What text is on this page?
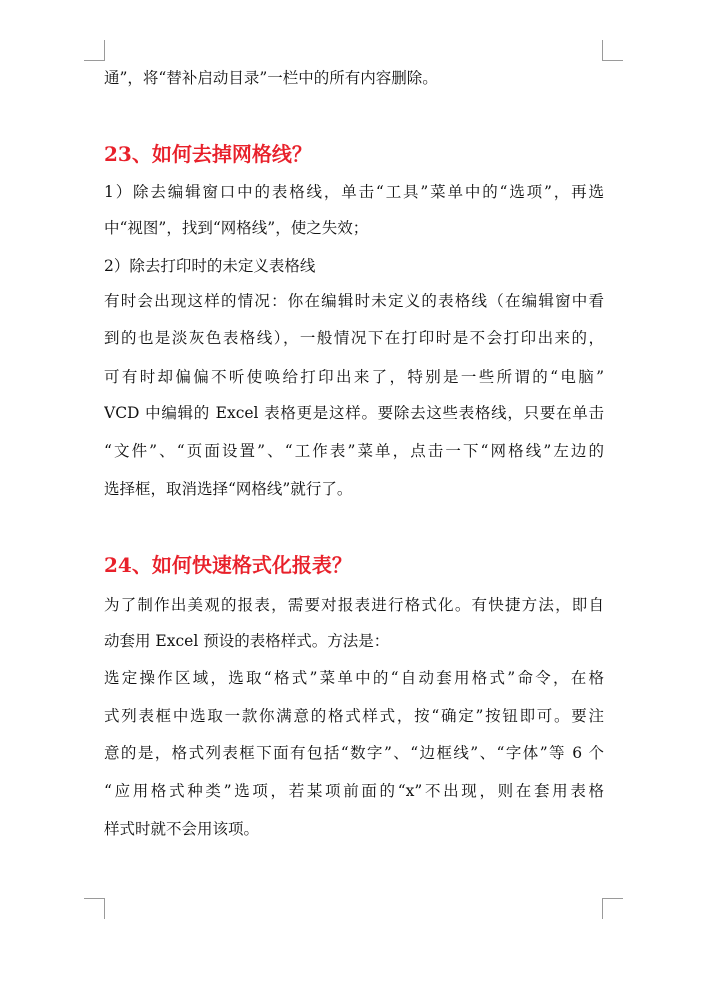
通”，将“替补启动目录”一栏中的所有内容删除。
23、如何去掉网格线？
1）除去编辑窗口中的表格线，单击“工具”菜单中的“选项”，再选
中“视图”，找到“网格线”，使之失效；
2）除去打印时的未定义表格线
有时会出现这样的情况：你在编辑时未定义的表格线（在编辑窗中看
到的也是淡灰色表格线），一般情况下在打印时是不会打印出来的，
可有时却偏偏不听使唤给打印出来了，特别是一些所谓的“电脑”
VCD 中编辑的 Excel 表格更是这样。要除去这些表格线，只要在单击
“文件”、“页面设置”、“工作表”菜单，点击一下“网格线”左边的
选择框，取消选择“网格线”就行了。
24、如何快速格式化报表？
为了制作出美观的报表，需要对报表进行格式化。有快捷方法，即自
动套用 Excel 预设的表格样式。方法是：
选定操作区域，选取“格式”菜单中的“自动套用格式”命令，在格
式列表框中选取一款你满意的格式样式，按“确定”按钮即可。要注
意的是，格式列表框下面有包括“数字”、“边框线”、“字体”等 6 个
“应用格式种类”选项，若某项前面的“x”不出现，则在套用表格
样式时就不会用该项。
